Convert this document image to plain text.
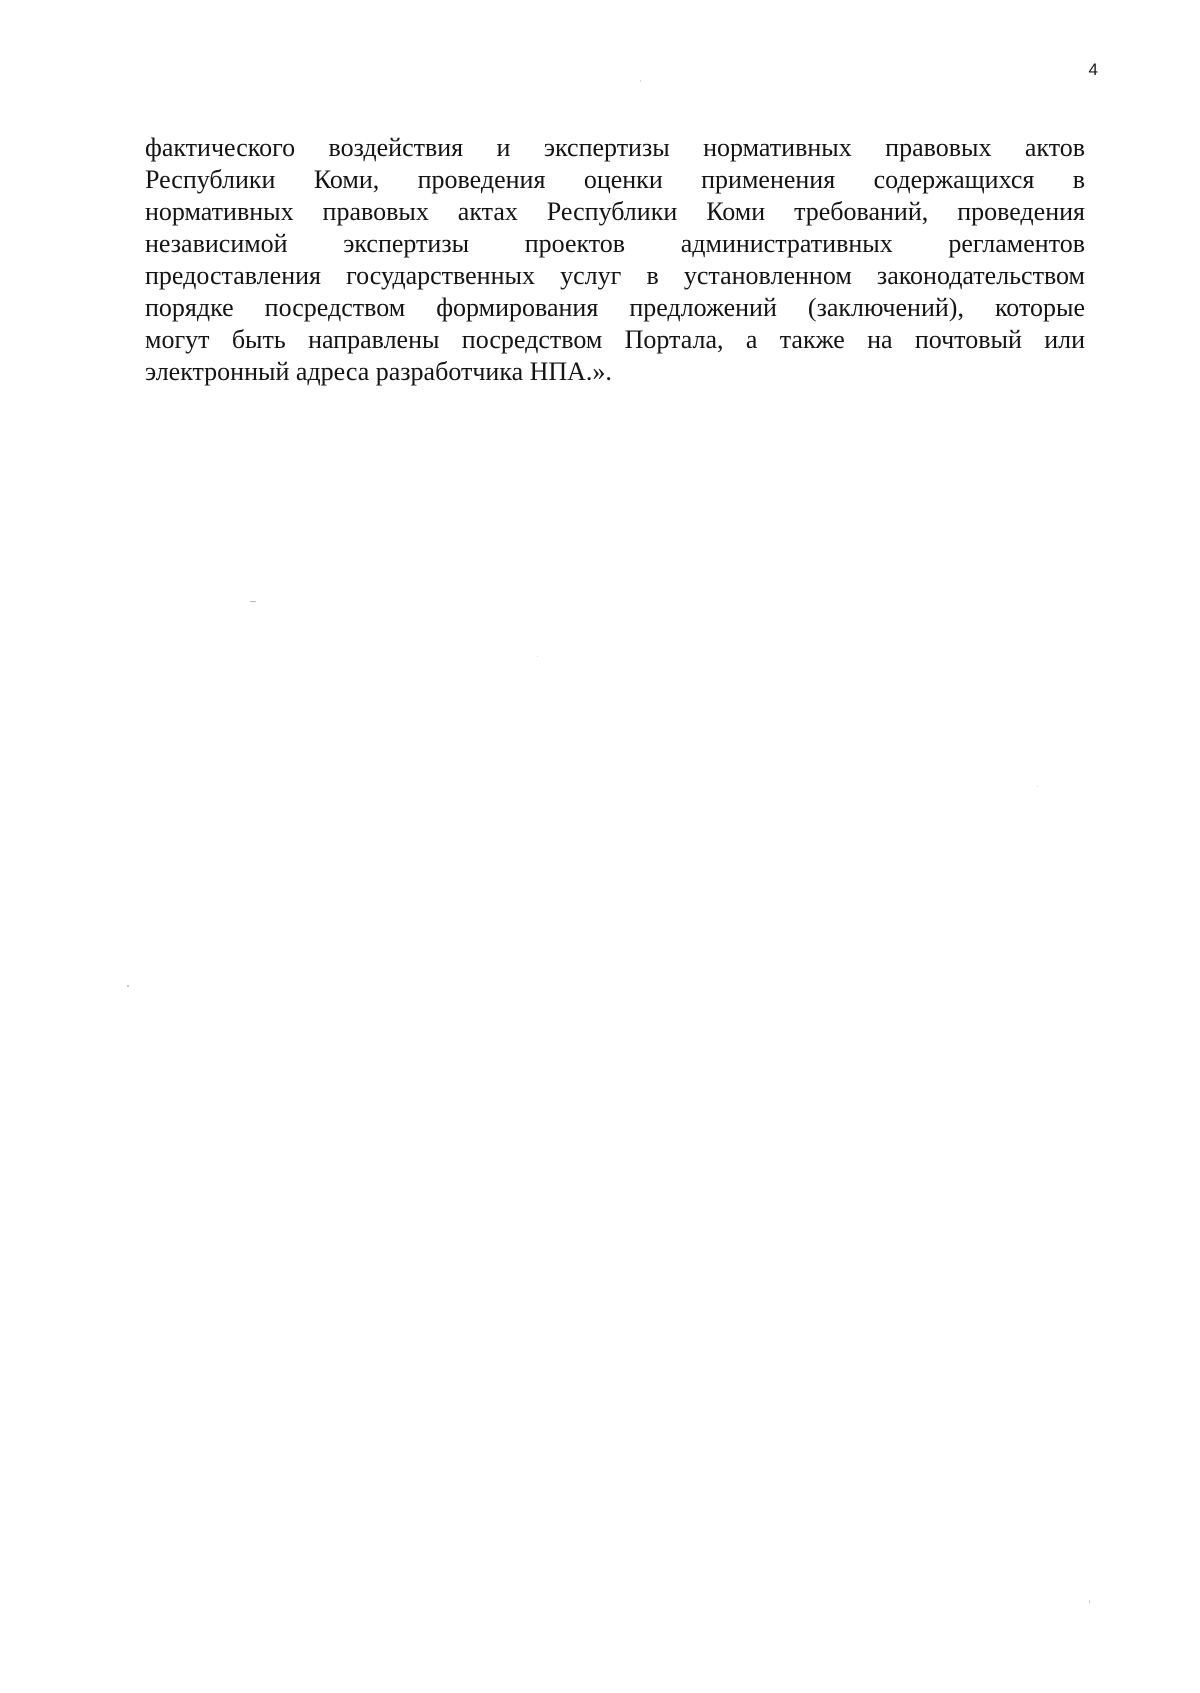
4
фактического воздействия и экспертизы нормативных правовых актов
Республики Коми, проведения оценки применения содержащихся в
нормативных правовых актах Республики Коми требований, проведения
независимой экспертизы проектов административных регламентов
предоставления государственных услуг в установленном законодательством
порядке посредством формирования предложений (заключений), которые
могут быть направлены посредством Портала, а также на почтовый или
электронный адреса разработчика НПА.».
